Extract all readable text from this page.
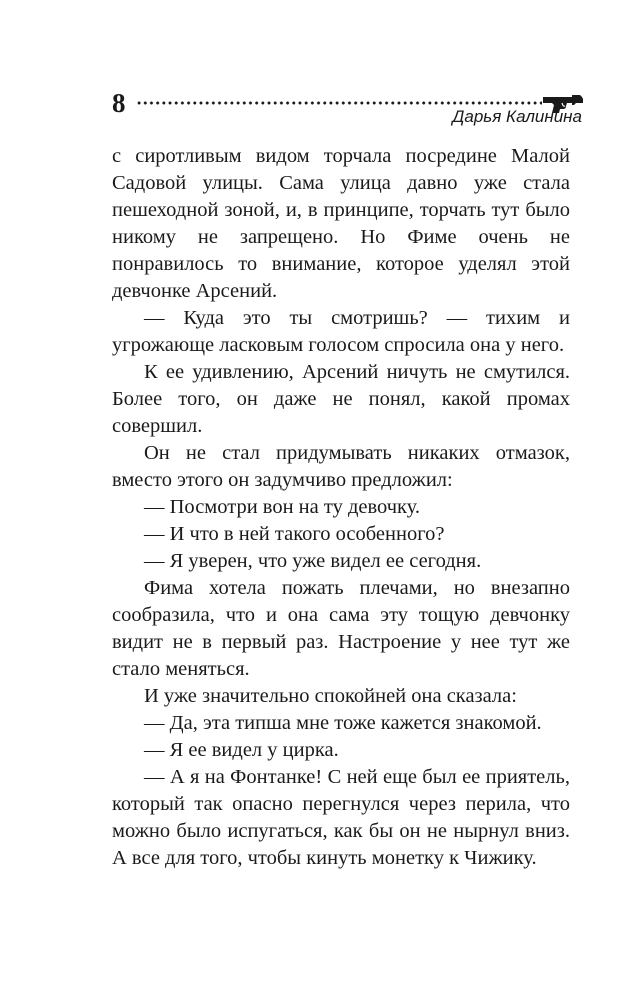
8	Дарья Калинина

с сиротливым видом торчала посредине Малой Садовой улицы. Сама улица давно уже стала пешеходной зоной, и, в принципе, торчать тут было никому не запрещено. Но Фиме очень не понравилось то внимание, которое уделял этой девчонке Арсений.

— Куда это ты смотришь? — тихим и угрожающе ласковым голосом спросила она у него.

К ее удивлению, Арсений ничуть не смутился. Более того, он даже не понял, какой промах совершил.

Он не стал придумывать никаких отмазок, вместо этого он задумчиво предложил:

— Посмотри вон на ту девочку.

— И что в ней такого особенного?

— Я уверен, что уже видел ее сегодня.

Фима хотела пожать плечами, но внезапно сообразила, что и она сама эту тощую девчонку видит не в первый раз. Настроение у нее тут же стало меняться.

И уже значительно спокойней она сказала:

— Да, эта типша мне тоже кажется знакомой.

— Я ее видел у цирка.

— А я на Фонтанке! С ней еще был ее приятель, который так опасно перегнулся через перила, что можно было испугаться, как бы он не нырнул вниз. А все для того, чтобы кинуть монетку к Чижику.
